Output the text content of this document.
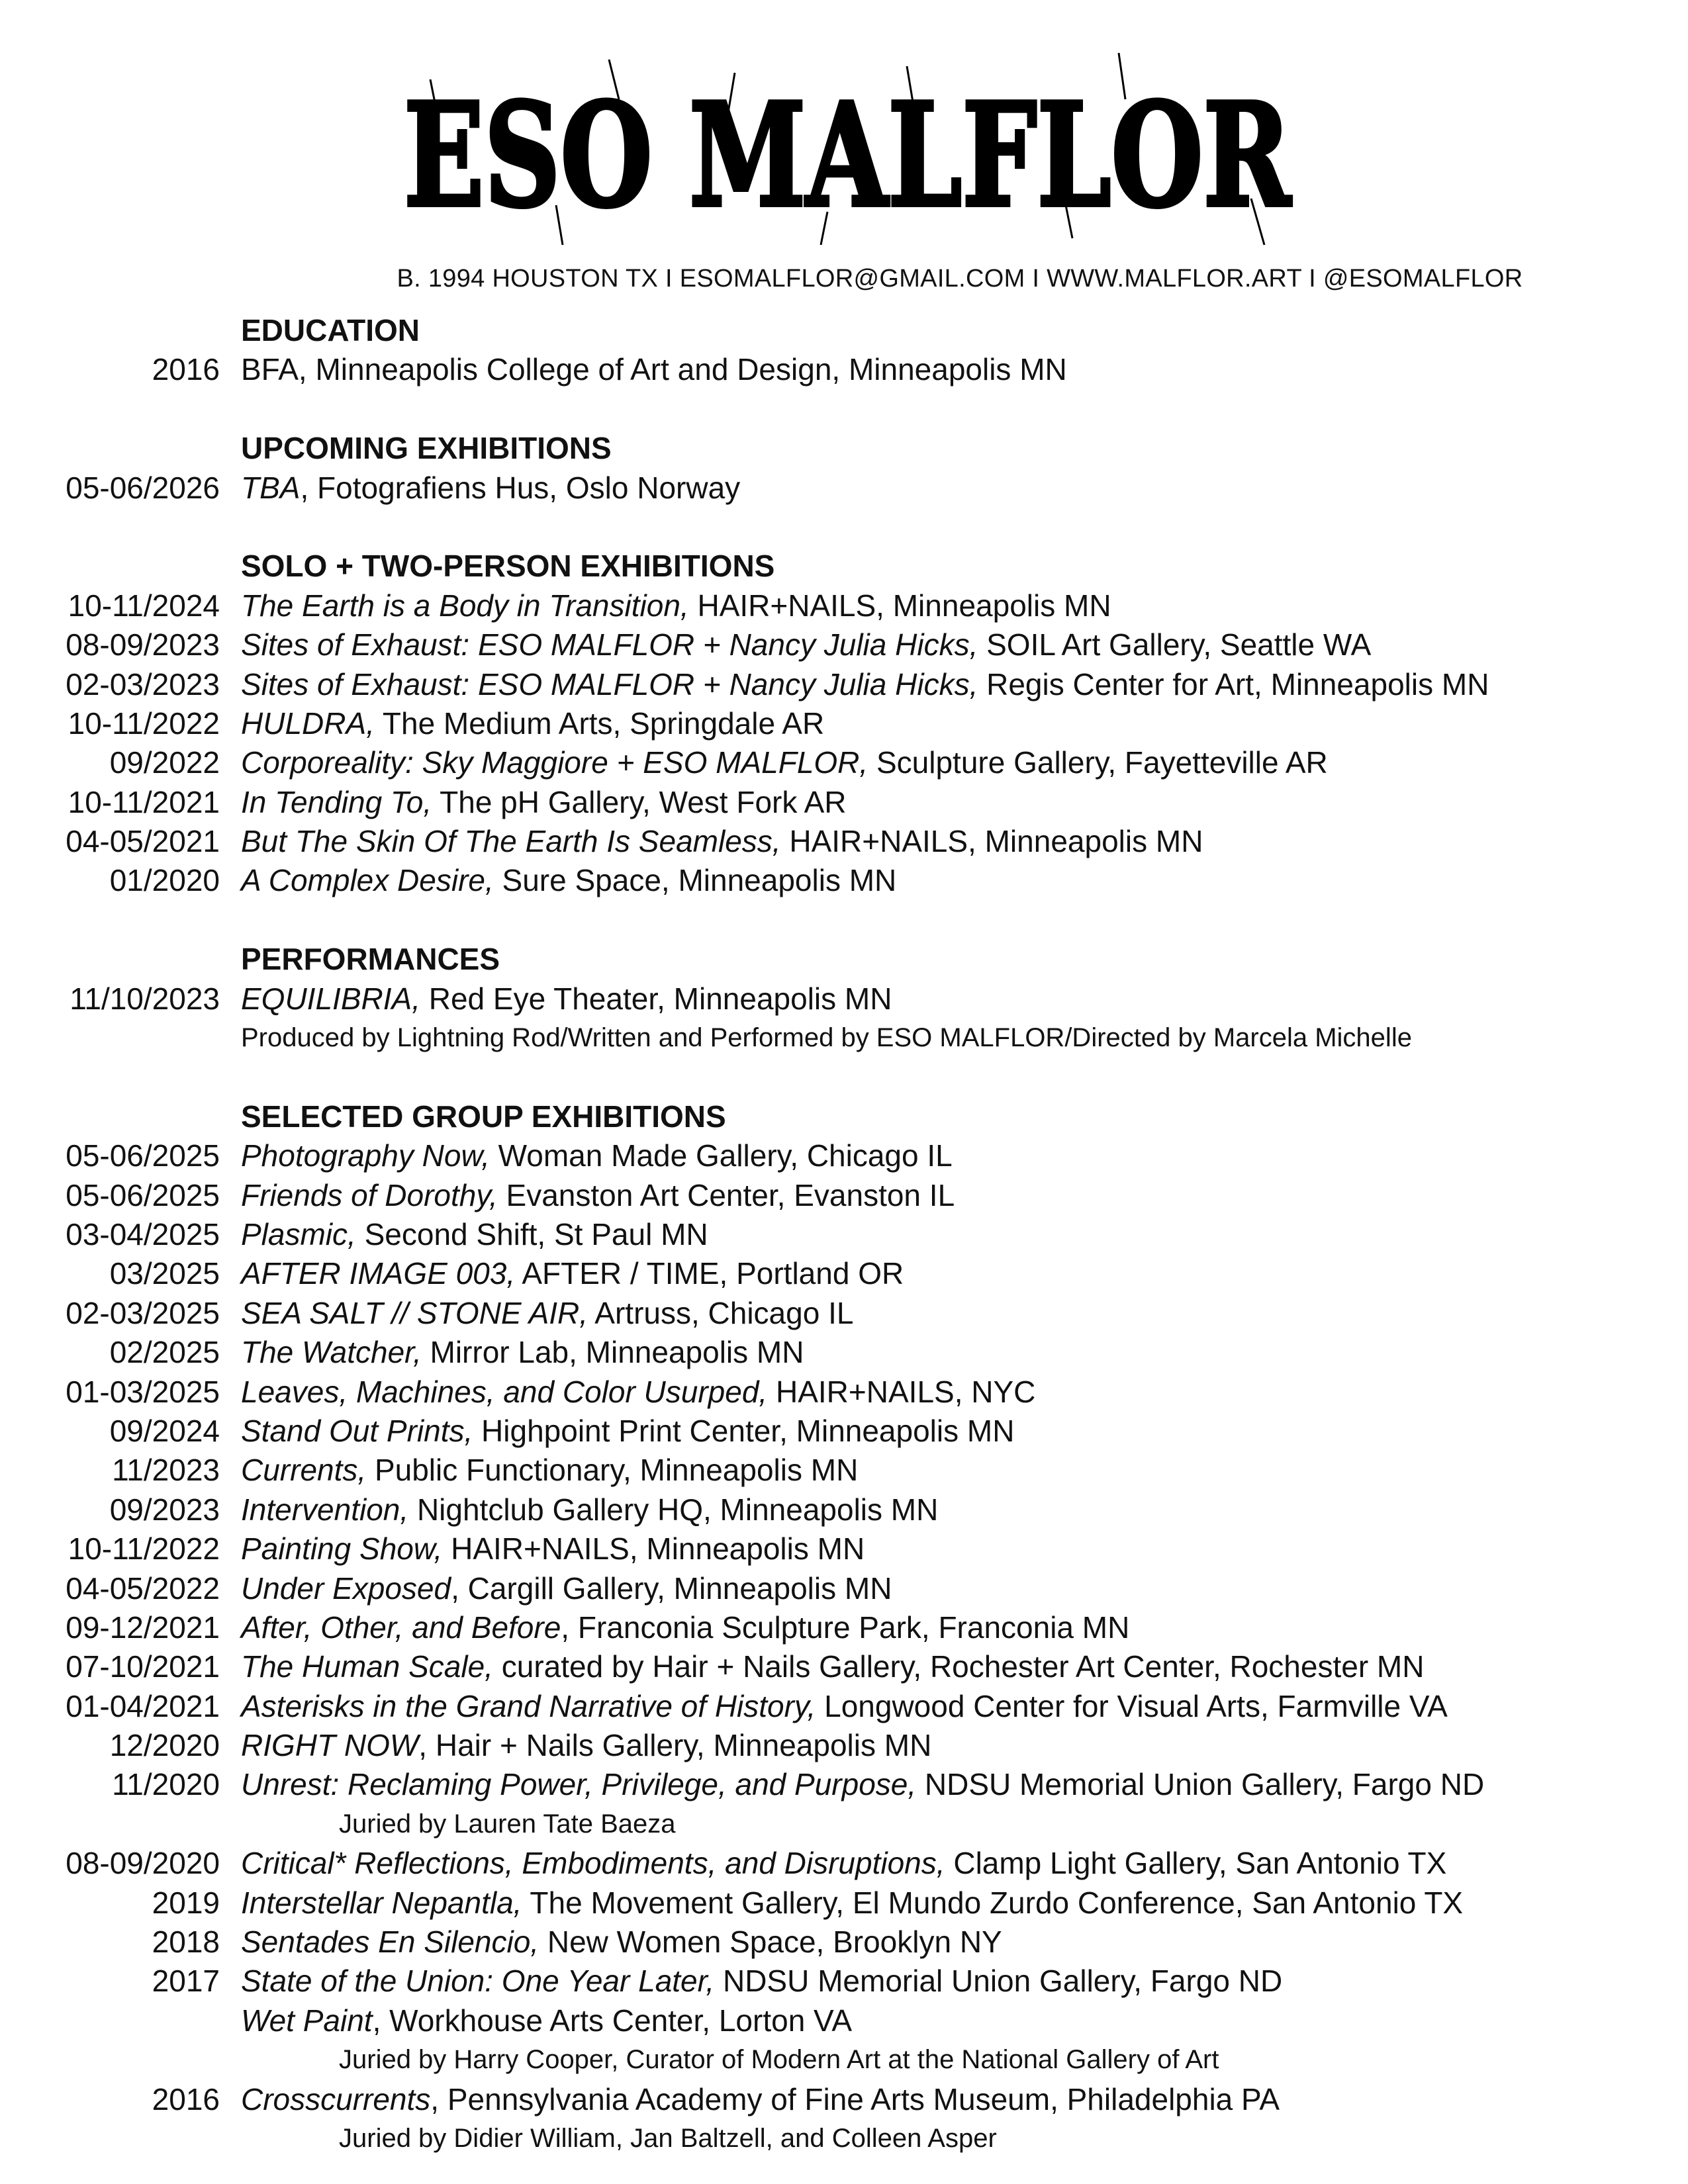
ESO MALFLOR
B. 1994 HOUSTON TX I ESOMALFLOR@GMAIL.COM I WWW.MALFLOR.ART I @ESOMALFLOR
EDUCATION
2016 BFA, Minneapolis College of Art and Design, Minneapolis MN
UPCOMING EXHIBITIONS
05-06/2026 TBA, Fotografiens Hus, Oslo Norway
SOLO + TWO-PERSON EXHIBITIONS
10-11/2024 The Earth is a Body in Transition, HAIR+NAILS, Minneapolis MN
08-09/2023 Sites of Exhaust: ESO MALFLOR + Nancy Julia Hicks, SOIL Art Gallery, Seattle WA
02-03/2023 Sites of Exhaust: ESO MALFLOR + Nancy Julia Hicks, Regis Center for Art, Minneapolis MN
10-11/2022 HULDRA, The Medium Arts, Springdale AR
09/2022 Corporeality: Sky Maggiore + ESO MALFLOR, Sculpture Gallery, Fayetteville AR
10-11/2021 In Tending To, The pH Gallery, West Fork AR
04-05/2021 But The Skin Of The Earth Is Seamless, HAIR+NAILS, Minneapolis MN
01/2020 A Complex Desire, Sure Space, Minneapolis MN
PERFORMANCES
11/10/2023 EQUILIBRIA, Red Eye Theater, Minneapolis MN
Produced by Lightning Rod/Written and Performed by ESO MALFLOR/Directed by Marcela Michelle
SELECTED GROUP EXHIBITIONS
05-06/2025 Photography Now, Woman Made Gallery, Chicago IL
05-06/2025 Friends of Dorothy, Evanston Art Center, Evanston IL
03-04/2025 Plasmic, Second Shift, St Paul MN
03/2025 AFTER IMAGE 003, AFTER / TIME, Portland OR
02-03/2025 SEA SALT // STONE AIR, Artruss, Chicago IL
02/2025 The Watcher, Mirror Lab, Minneapolis MN
01-03/2025 Leaves, Machines, and Color Usurped, HAIR+NAILS, NYC
09/2024 Stand Out Prints, Highpoint Print Center, Minneapolis MN
11/2023 Currents, Public Functionary, Minneapolis MN
09/2023 Intervention, Nightclub Gallery HQ, Minneapolis MN
10-11/2022 Painting Show, HAIR+NAILS, Minneapolis MN
04-05/2022 Under Exposed, Cargill Gallery, Minneapolis MN
09-12/2021 After, Other, and Before, Franconia Sculpture Park, Franconia MN
07-10/2021 The Human Scale, curated by Hair + Nails Gallery, Rochester Art Center, Rochester MN
01-04/2021 Asterisks in the Grand Narrative of History, Longwood Center for Visual Arts, Farmville VA
12/2020 RIGHT NOW, Hair + Nails Gallery, Minneapolis MN
11/2020 Unrest: Reclaming Power, Privilege, and Purpose, NDSU Memorial Union Gallery, Fargo ND
Juried by Lauren Tate Baeza
08-09/2020 Critical* Reflections, Embodiments, and Disruptions, Clamp Light Gallery, San Antonio TX
2019 Interstellar Nepantla, The Movement Gallery, El Mundo Zurdo Conference, San Antonio TX
2018 Sentades En Silencio, New Women Space, Brooklyn NY
2017 State of the Union: One Year Later, NDSU Memorial Union Gallery, Fargo ND
Wet Paint, Workhouse Arts Center, Lorton VA
Juried by Harry Cooper, Curator of Modern Art at the National Gallery of Art
2016 Crosscurrents, Pennsylvania Academy of Fine Arts Museum, Philadelphia PA
Juried by Didier William, Jan Baltzell, and Colleen Asper
